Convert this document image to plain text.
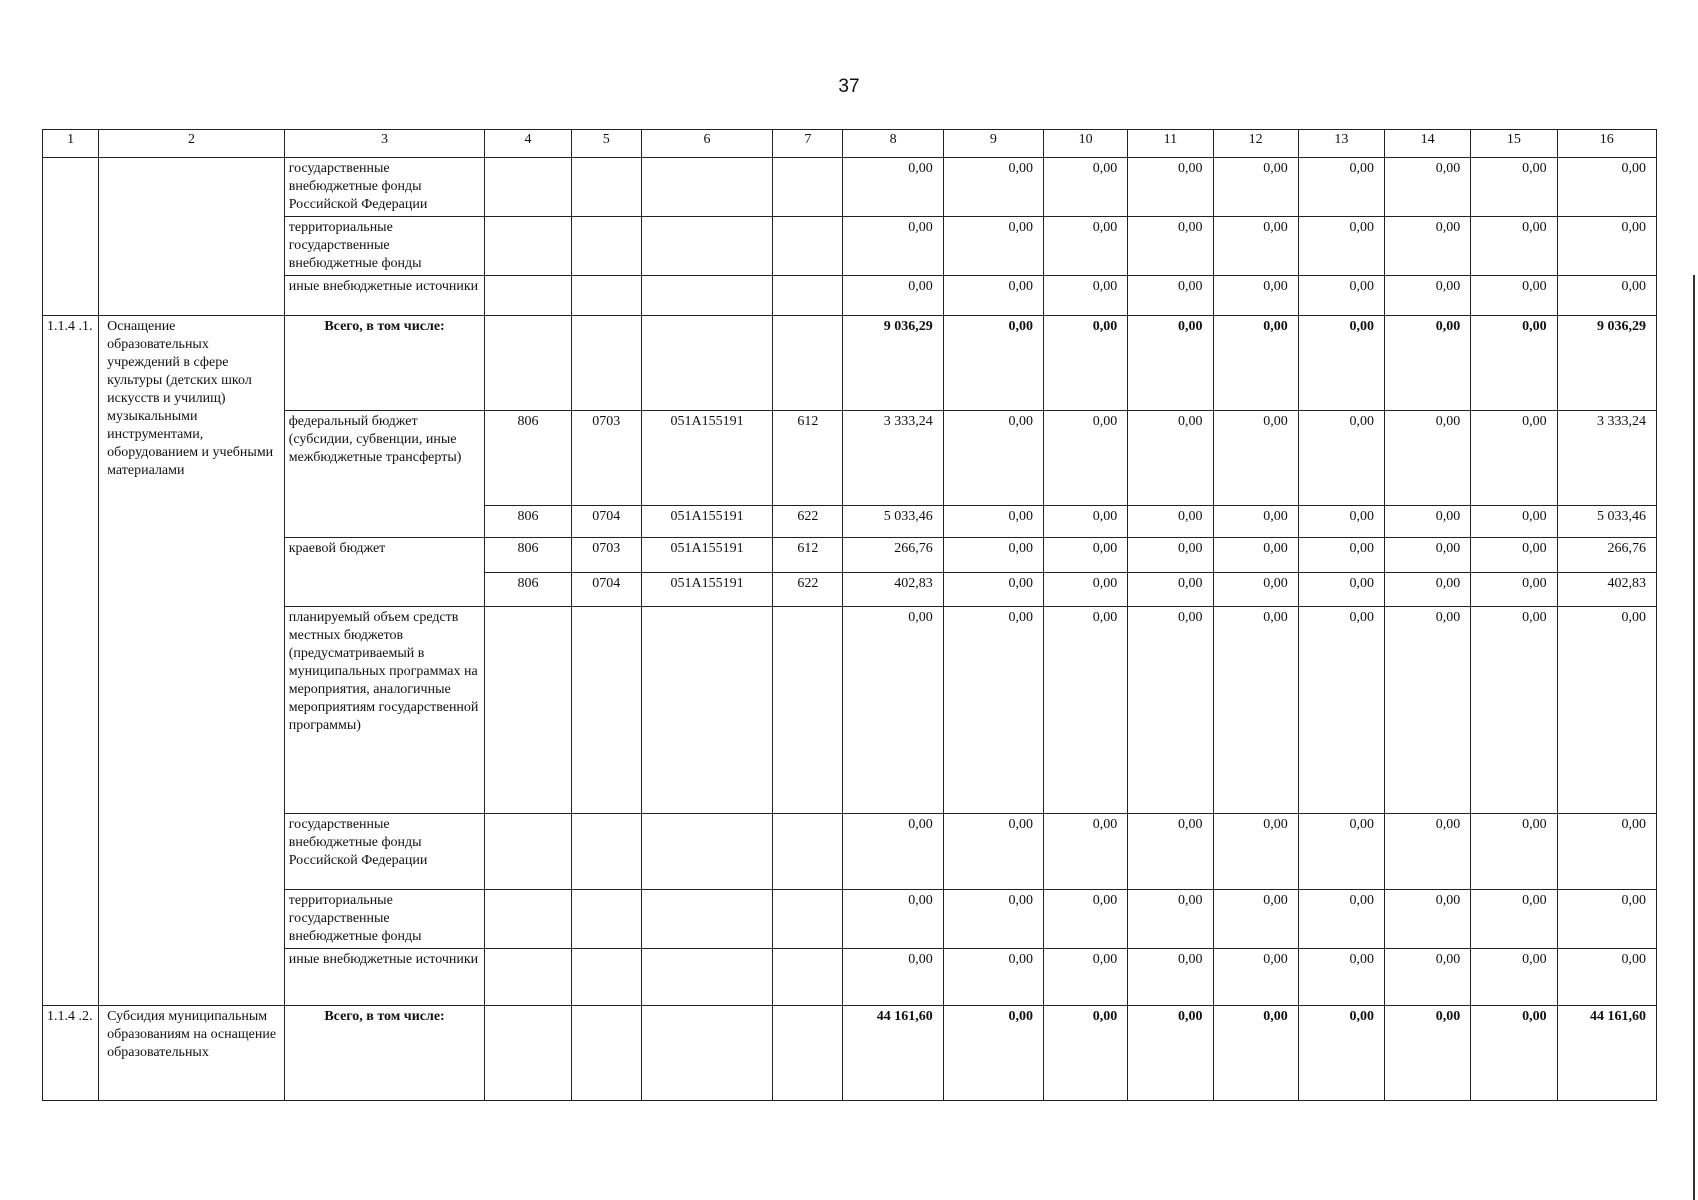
37
1	2	3	4	5	6	7	8	9	10	11	12	13	14	15	16
		государственные внебюджетные фонды Российской Федерации					0,00	0,00	0,00	0,00	0,00	0,00	0,00	0,00	0,00
		территориальные государственные внебюджетные фонды					0,00	0,00	0,00	0,00	0,00	0,00	0,00	0,00	0,00
		иные внебюджетные источники					0,00	0,00	0,00	0,00	0,00	0,00	0,00	0,00	0,00
1.1.4 .1.	Оснащение образовательных учреждений в сфере культуры (детских школ искусств и училищ) музыкальными инструментами, оборудованием и учебными материалами	Всего, в том числе:					9 036,29	0,00	0,00	0,00	0,00	0,00	0,00	0,00	9 036,29
		федеральный бюджет (субсидии, субвенции, иные межбюджетные трансферты)	806	0703	051A155191	612	3 333,24	0,00	0,00	0,00	0,00	0,00	0,00	0,00	3 333,24
			806	0704	051A155191	622	5 033,46	0,00	0,00	0,00	0,00	0,00	0,00	0,00	5 033,46
		краевой бюджет	806	0703	051A155191	612	266,76	0,00	0,00	0,00	0,00	0,00	0,00	0,00	266,76
			806	0704	051A155191	622	402,83	0,00	0,00	0,00	0,00	0,00	0,00	0,00	402,83
		планируемый объем средств местных бюджетов (предусматриваемый в муниципальных программах на мероприятия, аналогичные мероприятиям государственной программы)					0,00	0,00	0,00	0,00	0,00	0,00	0,00	0,00	0,00
		государственные внебюджетные фонды Российской Федерации					0,00	0,00	0,00	0,00	0,00	0,00	0,00	0,00	0,00
		территориальные государственные внебюджетные фонды					0,00	0,00	0,00	0,00	0,00	0,00	0,00	0,00	0,00
		иные внебюджетные источники					0,00	0,00	0,00	0,00	0,00	0,00	0,00	0,00	0,00
1.1.4 .2.	Субсидия муниципальным образованиям на оснащение образовательных	Всего, в том числе:					44 161,60	0,00	0,00	0,00	0,00	0,00	0,00	0,00	44 161,60
